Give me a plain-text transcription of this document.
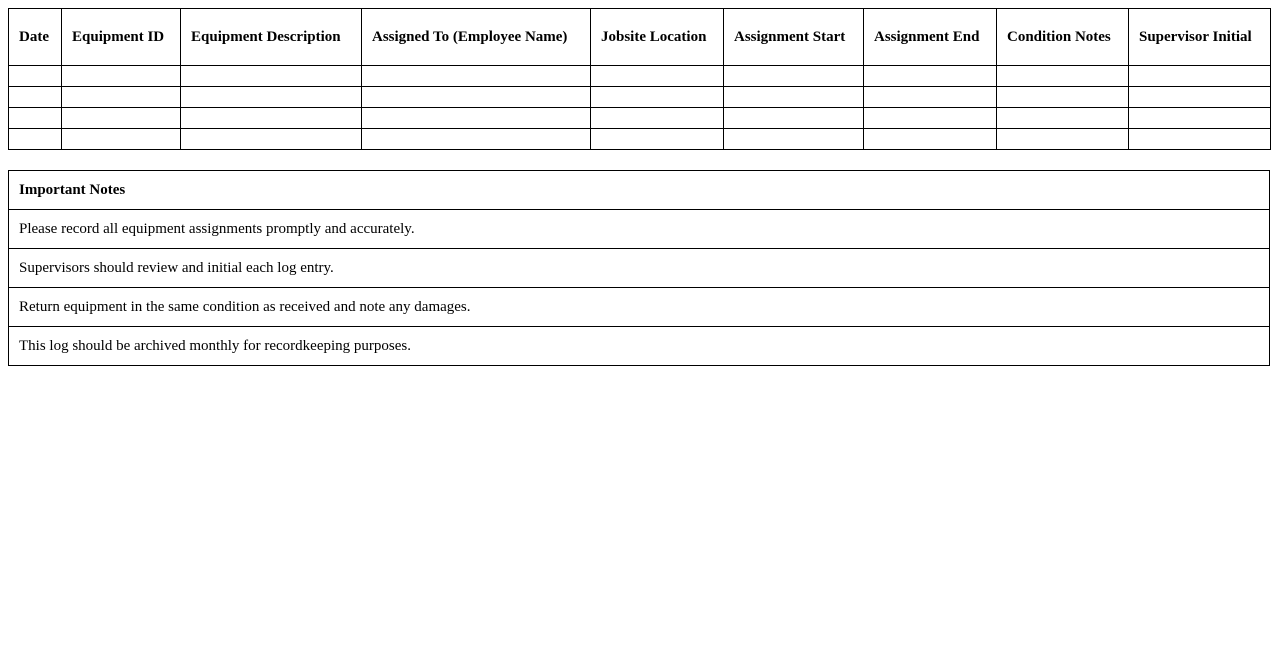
Date	Equipment ID	Equipment Description	Assigned To (Employee Name)	Jobsite Location	Assignment Start	Assignment End	Condition Notes	Supervisor Initial

Important Notes
Please record all equipment assignments promptly and accurately.
Supervisors should review and initial each log entry.
Return equipment in the same condition as received and note any damages.
This log should be archived monthly for recordkeeping purposes.
